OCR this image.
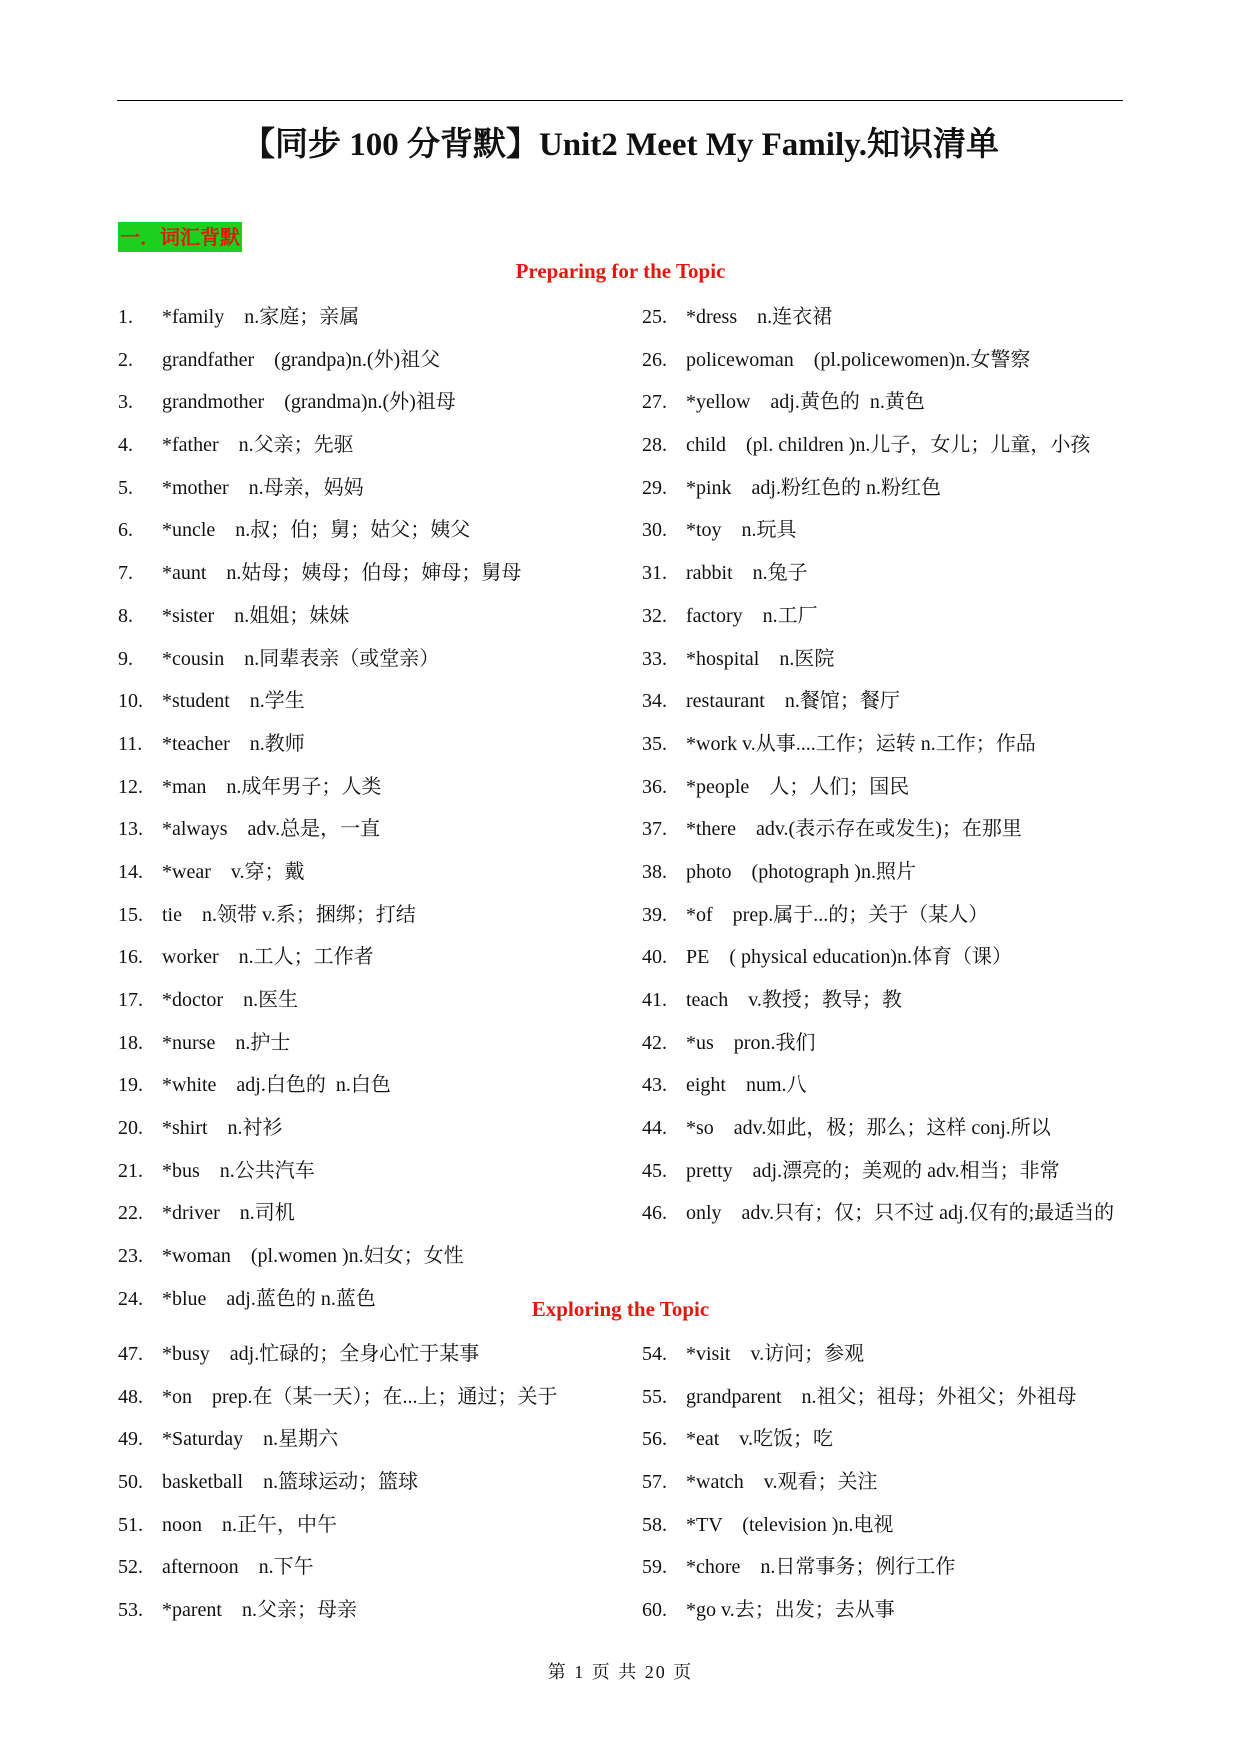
【同步 100 分背默】Unit2 Meet My Family.知识清单
一．词汇背默
Preparing for the Topic
1.	*family    n.家庭；亲属
2.	grandfather    (grandpa)n.(外)祖父
3.	grandmother    (grandma)n.(外)祖母
4.	*father    n.父亲；先驱
5.	*mother    n.母亲，妈妈
6.	*uncle    n.叔；伯；舅；姑父；姨父
7.	*aunt    n.姑母；姨母；伯母；婶母；舅母
8.	*sister    n.姐姐；妹妹
9.	*cousin    n.同辈表亲（或堂亲）
10. *student    n.学生
11. *teacher    n.教师
12. *man    n.成年男子；人类
13. *always    adv.总是，一直
14. *wear    v.穿；戴
15. tie    n.领带 v.系；捆绑；打结
16. worker    n.工人；工作者
17. *doctor    n.医生
18. *nurse    n.护士
19. *white    adj.白色的  n.白色
20. *shirt    n.衬衫
21. *bus    n.公共汽车
22. *driver    n.司机
23. *woman    (pl.women )n.妇女；女性
24. *blue    adj.蓝色的 n.蓝色
25. *dress    n.连衣裙
26. policewoman    (pl.policewomen)n.女警察
27. *yellow    adj.黄色的  n.黄色
28. child    (pl. children )n.儿子，女儿；儿童，小孩
29. *pink    adj.粉红色的 n.粉红色
30. *toy    n.玩具
31. rabbit    n.兔子
32. factory    n.工厂
33. *hospital    n.医院
34. restaurant    n.餐馆；餐厅
35. *work v.从事....工作；运转 n.工作；作品
36. *people    人；人们；国民
37. *there    adv.(表示存在或发生)；在那里
38. photo    (photograph )n.照片
39. *of    prep.属于...的；关于（某人）
40. PE    ( physical education)n.体育（课）
41. teach    v.教授；教导；教
42. *us    pron.我们
43. eight    num.八
44. *so    adv.如此，极；那么；这样 conj.所以
45. pretty    adj.漂亮的；美观的 adv.相当；非常
46. only    adv.只有；仅；只不过 adj.仅有的;最适当的
Exploring the Topic
47. *busy    adj.忙碌的；全身心忙于某事
48. *on    prep.在（某一天）；在...上；通过；关于
49. *Saturday    n.星期六
50. basketball    n.篮球运动；篮球
51. noon    n.正午，中午
52. afternoon    n.下午
53. *parent    n.父亲；母亲
54. *visit    v.访问；参观
55. grandparent    n.祖父；祖母；外祖父；外祖母
56. *eat    v.吃饭；吃
57. *watch    v.观看；关注
58. *TV    (television )n.电视
59. *chore    n.日常事务；例行工作
60. *go v.去；出发；去从事
第 1 页 共 20 页
